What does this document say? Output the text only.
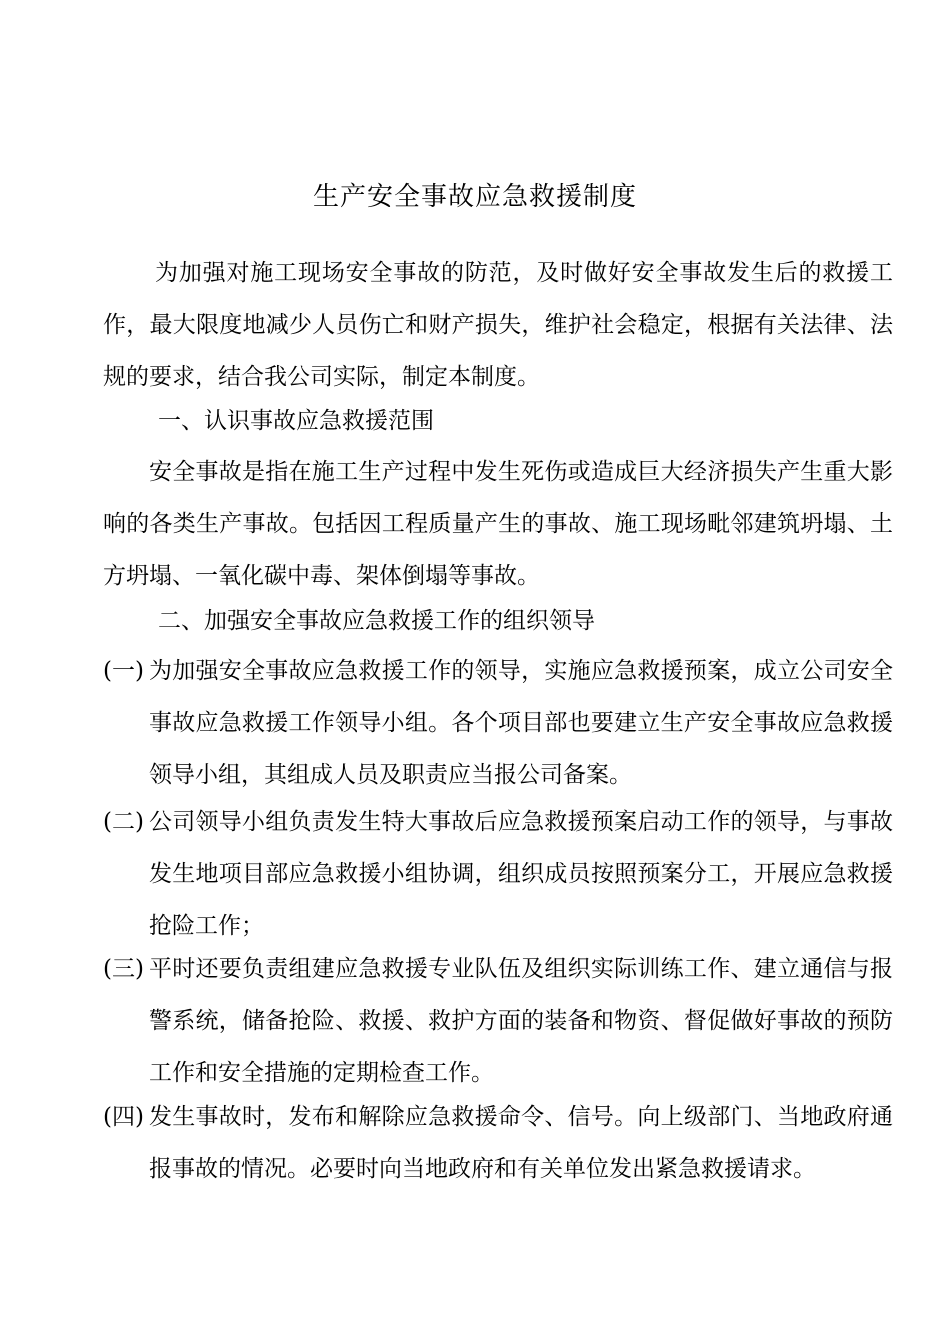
生产安全事故应急救援制度

为加强对施工现场安全事故的防范，及时做好安全事故发生后的救援工作，最大限度地减少人员伤亡和财产损失，维护社会稳定，根据有关法律、法规的要求，结合我公司实际，制定本制度。

一、认识事故应急救援范围

安全事故是指在施工生产过程中发生死伤或造成巨大经济损失产生重大影响的各类生产事故。包括因工程质量产生的事故、施工现场毗邻建筑坍塌、土方坍塌、一氧化碳中毒、架体倒塌等事故。

二、加强安全事故应急救援工作的组织领导

(一) 为加强安全事故应急救援工作的领导，实施应急救援预案，成立公司安全事故应急救援工作领导小组。各个项目部也要建立生产安全事故应急救援领导小组，其组成人员及职责应当报公司备案。
(二) 公司领导小组负责发生特大事故后应急救援预案启动工作的领导，与事故发生地项目部应急救援小组协调，组织成员按照预案分工，开展应急救援抢险工作；
(三) 平时还要负责组建应急救援专业队伍及组织实际训练工作、建立通信与报警系统，储备抢险、救援、救护方面的装备和物资、督促做好事故的预防工作和安全措施的定期检查工作。
(四) 发生事故时，发布和解除应急救援命令、信号。向上级部门、当地政府通报事故的情况。必要时向当地政府和有关单位发出紧急救援请求。
